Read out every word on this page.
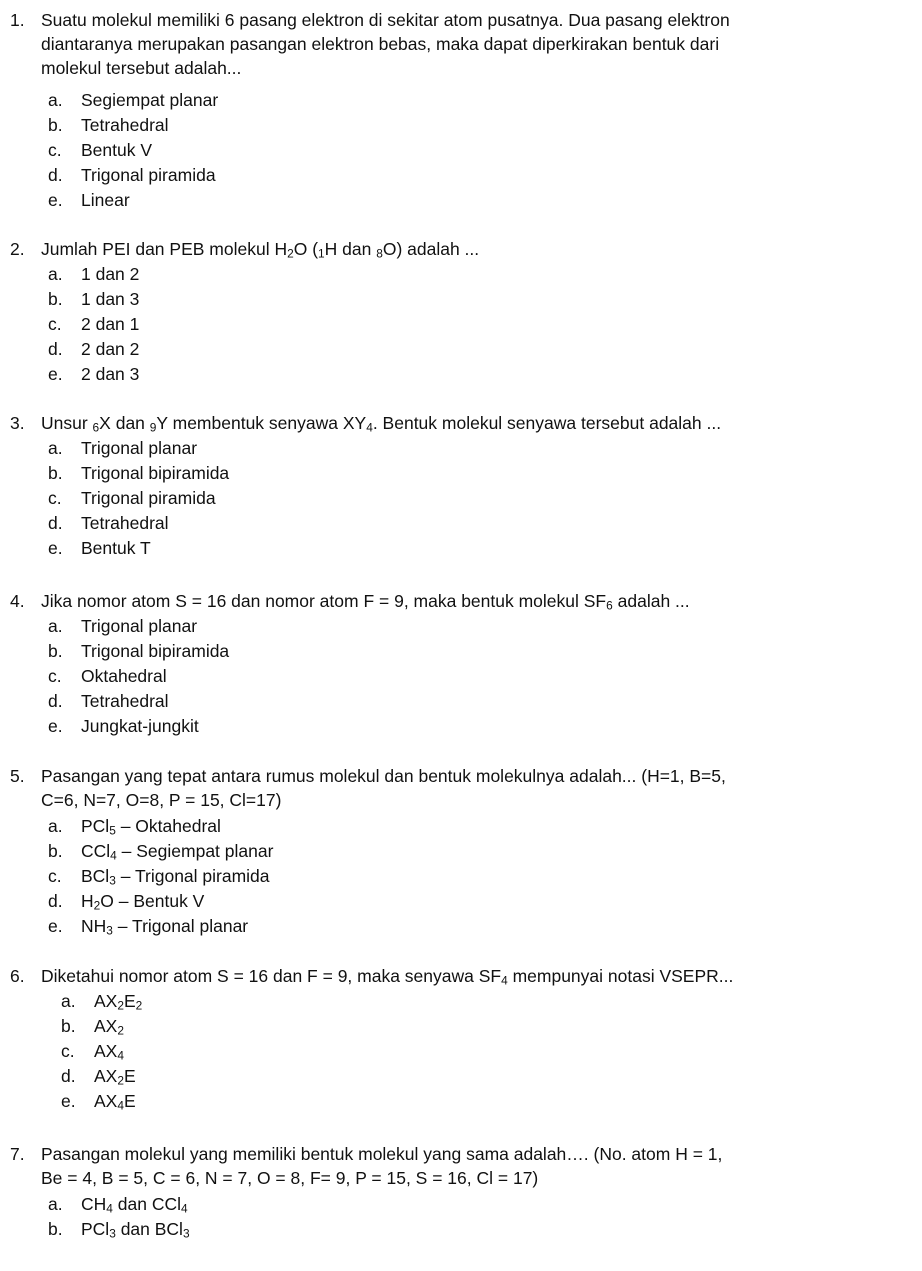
1. Suatu molekul memiliki 6 pasang elektron di sekitar atom pusatnya. Dua pasang elektron
diantaranya merupakan pasangan elektron bebas, maka dapat diperkirakan bentuk dari
molekul tersebut adalah...

a. Segiempat planar
b. Tetrahedral
c. Bentuk V
d. Trigonal piramida
e. Linear
2. Jumlah PEI dan PEB molekul $H_2O$ ($_1H$ dan $_8$O) adalah ...

a. 1 dan 2
b. 1 dan 3
c. 2 dan 1
d. 2 dan 2
e. 2 dan 3
3. Unsur $_6$X dan $_9$Y membentuk senyawa $XY_4$. Bentuk molekul senyawa tersebut adalah ...

a. Trigonal planar
b. Trigonal bipiramida
c. Trigonal piramida
d. Tetrahedral
e. Bentuk T
4. Jika nomor atom S = 16 dan nomor atom F = 9, maka bentuk molekul $SF_6$ adalah ...

a. Trigonal planar
b. Trigonal bipiramida
c. Oktahedral
d. Tetrahedral
e. Jungkat-jungkit
5. Pasangan yang tepat antara rumus molekul dan bentuk molekulnya adalah... (H=1, B=5,
C=6, N=7, O=8, P = 15, Cl=17)

a. PCl$_5$ – Oktahedral
b. CCl$_4$ – Segiempat planar
c. BCl$_3$ – Trigonal piramida
d. $H_2O$ – Bentuk V
e. $NH_3$ – Trigonal planar
6. Diketahui nomor atom S = 16 dan F = 9, maka senyawa $SF_4$ mempunyai notasi VSEPR...

a. $AX_2E_2$
b. $AX_2$
c. $AX_4$
d. $AX_2E$
e. $AX_4E$
7. Pasangan molekul yang memiliki bentuk molekul yang sama adalah…. (No. atom H = 1,
Be = 4, B = 5, C = 6, N = 7, O = 8, F= 9, P = 15, S = 16, Cl = 17)

a. $CH_4$ dan CCl$_4$
b. PCl$_3$ dan BCl$_3$
